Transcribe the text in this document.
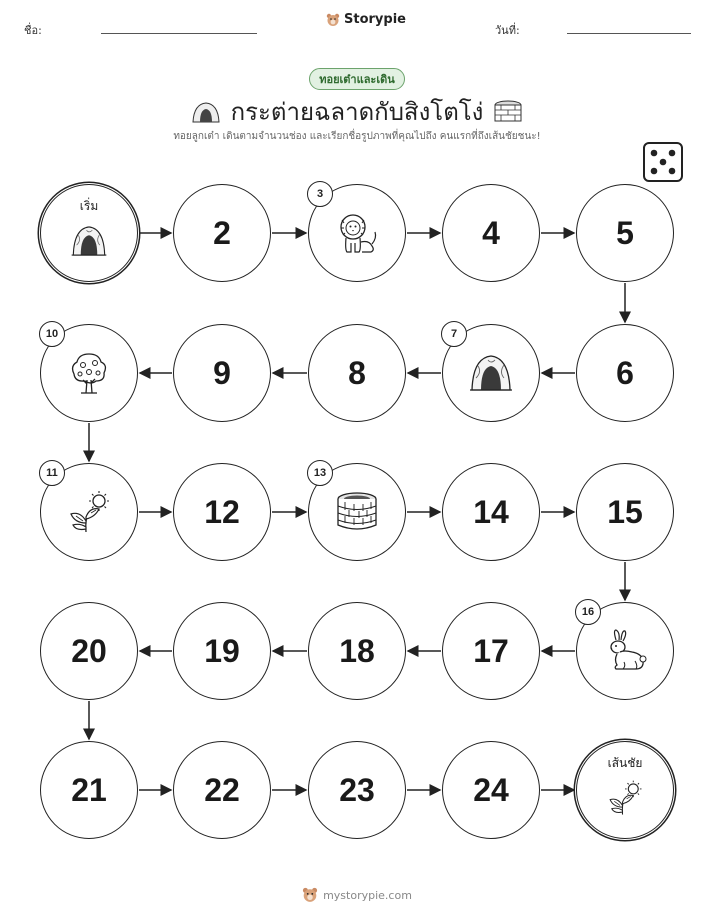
ชื่อ:
Storypie
วันที่:
ทอยเต๋าและเดิน
กระต่ายฉลาดกับสิงโตโง่
ทอยลูกเต๋า เดินตามจำนวนช่อง และเรียกชื่อรูปภาพที่คุณไปถึง คนแรกที่ถึงเส้นชัยชนะ!
เริ่ม
2
3
4	5
6
7
8
9
10
11
12
13
14	15
16
17
18
19
20
21	22	23	24
เส้นชัย
mystorypie.com
